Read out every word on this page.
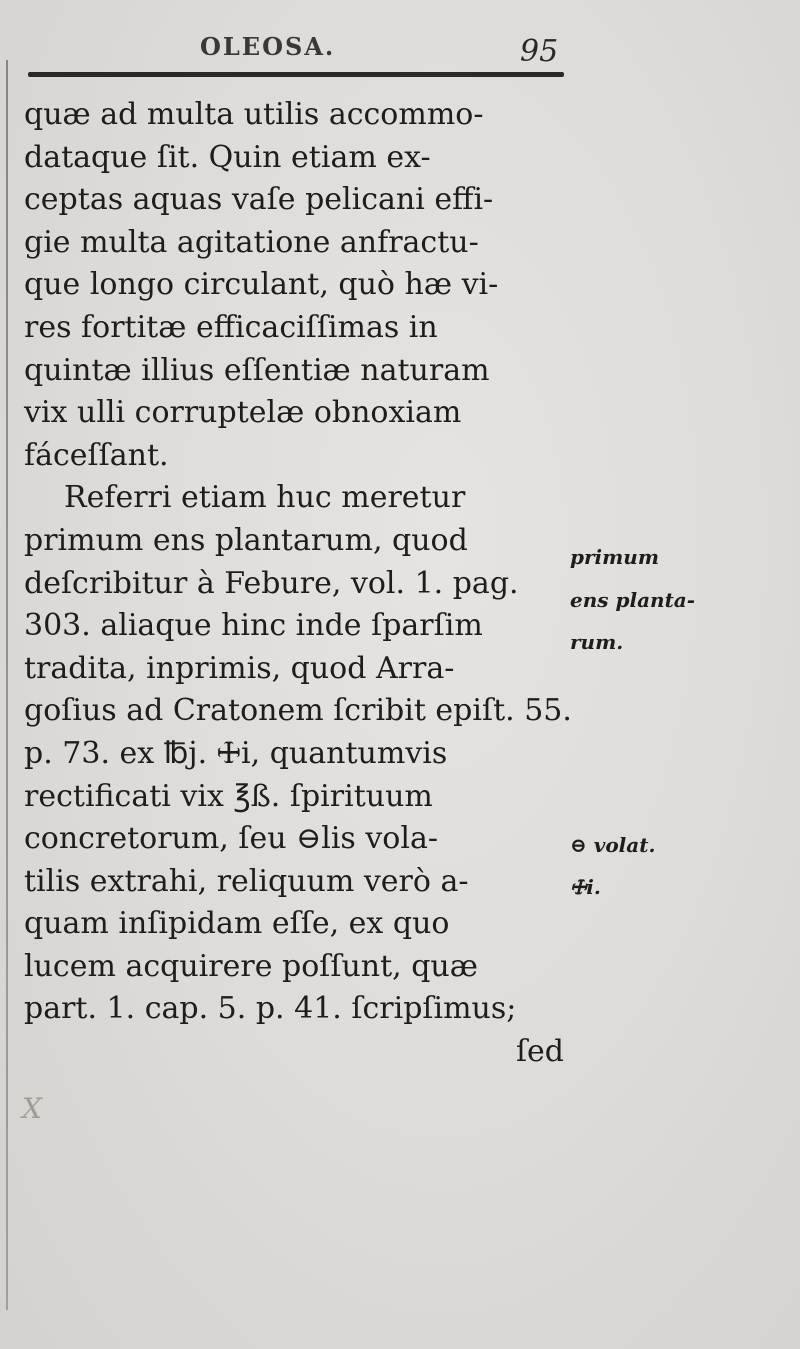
OLEOSA.	95
quæ ad multa utilis accommo-
dataque ſit. Quin etiam ex-
ceptas aquas vaſe pelicani effi-
gie multa agitatione anfractu-
que longo circulant, quò hæ vi-
res fortitæ efficaciſſimas in
quintæ illius eſſentiæ naturam
vix ulli corruptelæ obnoxiam
fáceſſant.
Referri etiam huc meretur
primum ens plantarum, quod
deſcribitur à Febure, vol. 1. pag.
303. aliaque hinc inde ſparſim
tradita, inprimis, quod Arra-
goſius ad Cratonem ſcribit epiſt. 55.
p. 73. ex ℔j. 🜊i, quantumvis
rectificati vix ℥ß. ſpirituum
concretorum, ſeu ⊖lis vola-
tilis extrahi, reliquum verò a-
quam inſipidam eſſe, ex quo
lucem acquirere poſſunt, quæ
part. 1. cap. 5. p. 41. ſcripſimus;
ſed
primum
ens planta-
rum.
⊖ volat.
🜊i.
X
